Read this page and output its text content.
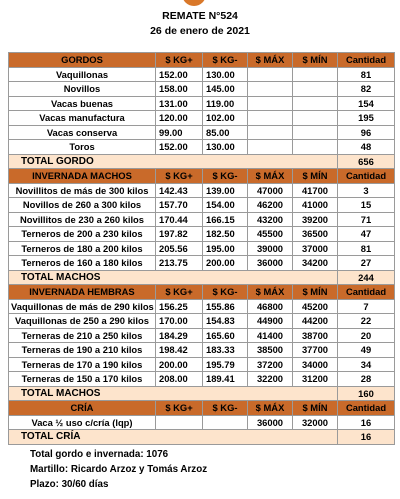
REMATE N°524
26 de enero de 2021
GORDOS	$ KG+	$ KG-	$ MÁX	$ MÍN	Cantidad
Vaquillonas	152.00	130.00			81
Novillos	158.00	145.00			82
Vacas buenas	131.00	119.00			154
Vacas manufactura	120.00	102.00			195
Vacas conserva	99.00	85.00			96
Toros	152.00	130.00			48
TOTAL GORDO					656
INVERNADA MACHOS	$ KG+	$ KG-	$ MÁX	$ MÍN	Cantidad
Novillitos de más de 300 kilos	142.43	139.00	47000	41700	3
Novillos de 260 a 300 kilos	157.70	154.00	46200	41000	15
Novillitos de 230 a 260 kilos	170.44	166.15	43200	39200	71
Terneros de 200 a 230 kilos	197.82	182.50	45500	36500	47
Terneros de 180 a 200 kilos	205.56	195.00	39000	37000	81
Terneros de 160 a 180 kilos	213.75	200.00	36000	34200	27
TOTAL MACHOS					244
INVERNADA HEMBRAS	$ KG+	$ KG-	$ MÁX	$ MÍN	Cantidad
Vaquillonas de más de 290 kilos	156.25	155.86	46800	45200	7
Vaquillonas de 250 a 290 kilos	170.00	154.83	44900	44200	22
Terneras de 210 a 250 kilos	184.29	165.60	41400	38700	20
Terneras de 190 a 210 kilos	198.42	183.33	38500	37700	49
Terneras de 170 a 190 kilos	200.00	195.79	37200	34000	34
Terneras de 150 a 170 kilos	208.00	189.41	32200	31200	28
TOTAL MACHOS					160
CRÍA	$ KG+	$ KG-	$ MÁX	$ MÍN	Cantidad
Vaca ½ uso c/cría (lqp)			36000	32000	16
TOTAL CRÍA					16
Total gordo e invernada: 1076
Martillo: Ricardo Arzoz y Tomás Arzoz
Plazo: 30/60 días
